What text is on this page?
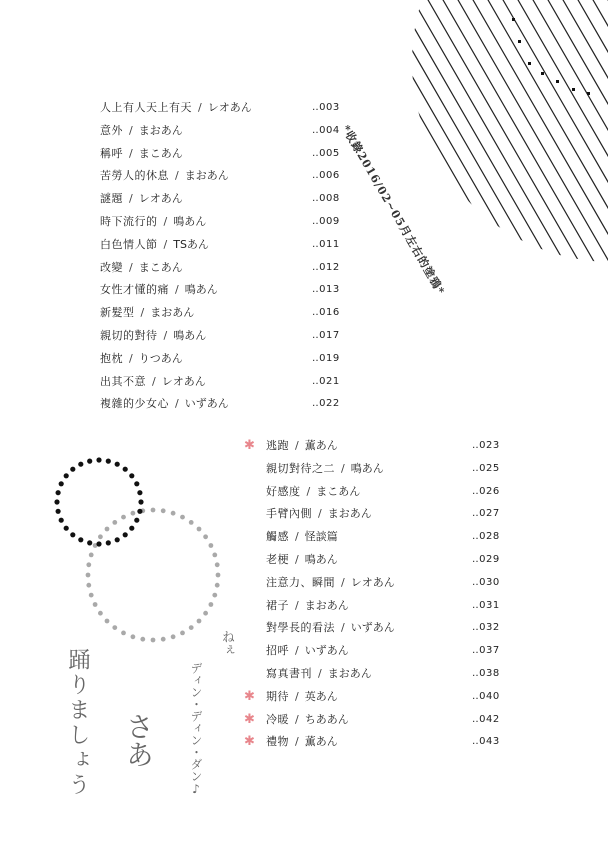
*收錄2016/02~05月左右的塗鴉*
人上有人天上有天 / レオあん	‥003
意外 / まおあん	‥004
稱呼 / まこあん	‥005
苦勞人的休息 / まおあん	‥006
謎題 / レオあん	‥008
時下流行的 / 鳴あん	‥009
白色情人節 / TSあん	‥011
改變 / まこあん	‥012
女性才懂的痛 / 鳴あん	‥013
新髮型 / まおあん	‥016
親切的對待 / 鳴あん	‥017
抱枕 / りつあん	‥019
出其不意 / レオあん	‥021
複雜的少女心 / いずあん	‥022
✱ 逃跑 / 薫あん	‥023
親切對待之二 / 鳴あん	‥025
好感度 / まこあん	‥026
手臂內側 / まおあん	‥027
觸感 / 怪談篇	‥028
老梗 / 鳴あん	‥029
注意力、瞬間 / レオあん	‥030
裙子 / まおあん	‥031
對學長的看法 / いずあん	‥032
招呼 / いずあん	‥037
寫真書刊 / まおあん	‥038
✱ 期待 / 英あん	‥040
✱ 冷暖 / ちああん	‥042
✱ 禮物 / 薫あん	‥043
ねぇ
ディン・ディン・ダン♪
さあ
踊りましょう
